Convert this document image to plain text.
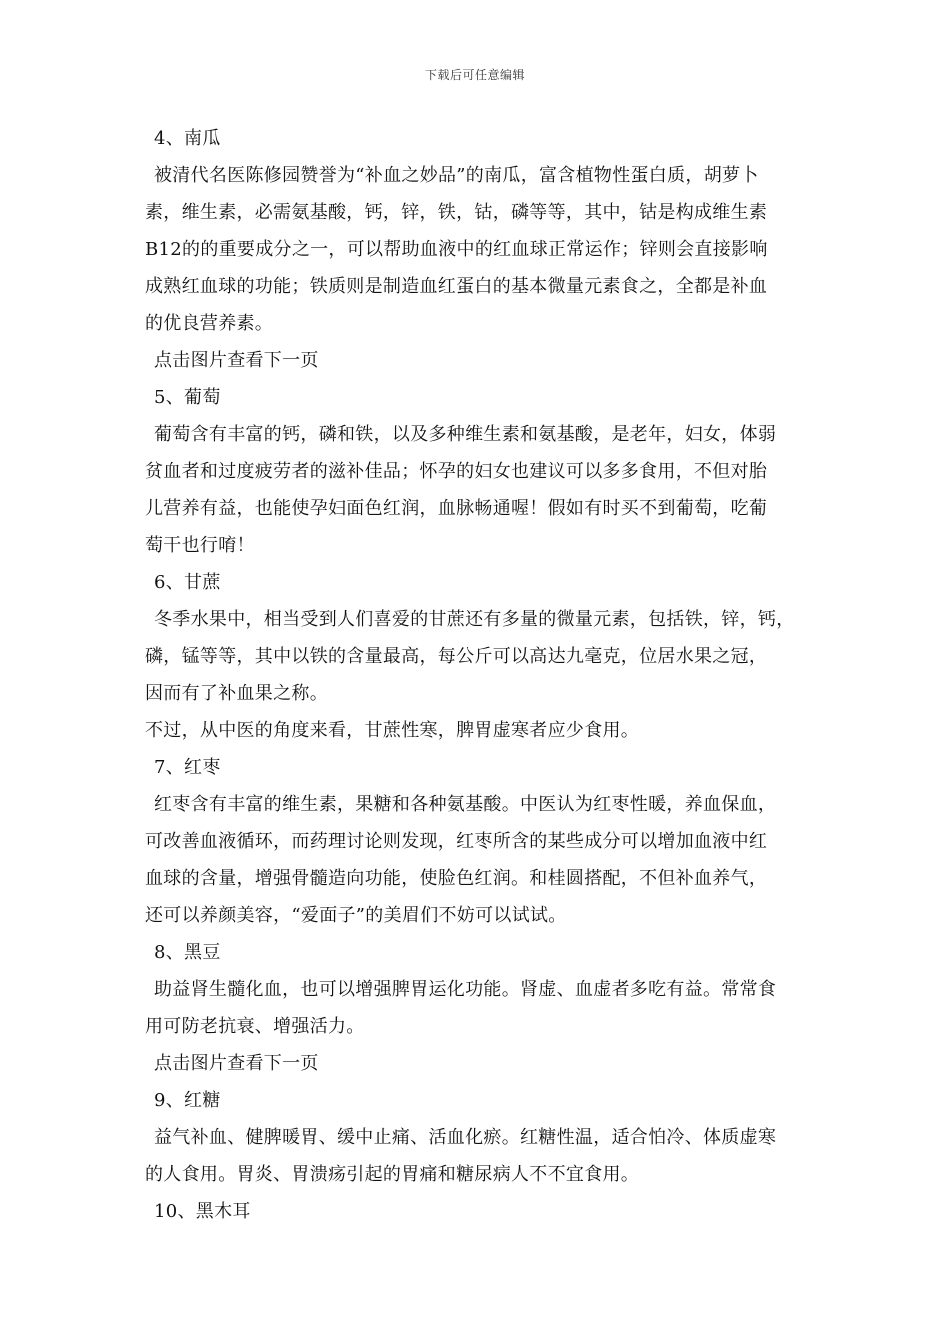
下载后可任意编辑
4、南瓜
被清代名医陈修园赞誉为“补血之妙品”的南瓜，富含植物性蛋白质，胡萝卜
素，维生素，必需氨基酸，钙，锌，铁，钴，磷等等，其中，钴是构成维生素
B12的的重要成分之一，可以帮助血液中的红血球正常运作；锌则会直接影响
成熟红血球的功能；铁质则是制造血红蛋白的基本微量元素食之，全都是补血
的优良营养素。
点击图片查看下一页
5、葡萄
葡萄含有丰富的钙，磷和铁，以及多种维生素和氨基酸，是老年，妇女，体弱
贫血者和过度疲劳者的滋补佳品；怀孕的妇女也建议可以多多食用，不但对胎
儿营养有益，也能使孕妇面色红润，血脉畅通喔！假如有时买不到葡萄，吃葡
萄干也行唷！
6、甘蔗
冬季水果中，相当受到人们喜爱的甘蔗还有多量的微量元素，包括铁，锌，钙，
磷，锰等等，其中以铁的含量最高，每公斤可以高达九毫克，位居水果之冠，
因而有了补血果之称。
不过，从中医的角度来看，甘蔗性寒，脾胃虚寒者应少食用。
7、红枣
红枣含有丰富的维生素，果糖和各种氨基酸。中医认为红枣性暖，养血保血，
可改善血液循环，而药理讨论则发现，红枣所含的某些成分可以增加血液中红
血球的含量，增强骨髓造向功能，使脸色红润。和桂圆搭配，不但补血养气，
还可以养颜美容，“爱面子”的美眉们不妨可以试试。
8、黑豆
助益肾生髓化血，也可以增强脾胃运化功能。肾虚、血虚者多吃有益。常常食
用可防老抗衰、增强活力。
点击图片查看下一页
9、红糖
益气补血、健脾暖胃、缓中止痛、活血化瘀。红糖性温，适合怕冷、体质虚寒
的人食用。胃炎、胃溃疡引起的胃痛和糖尿病人不不宜食用。
10、黑木耳
